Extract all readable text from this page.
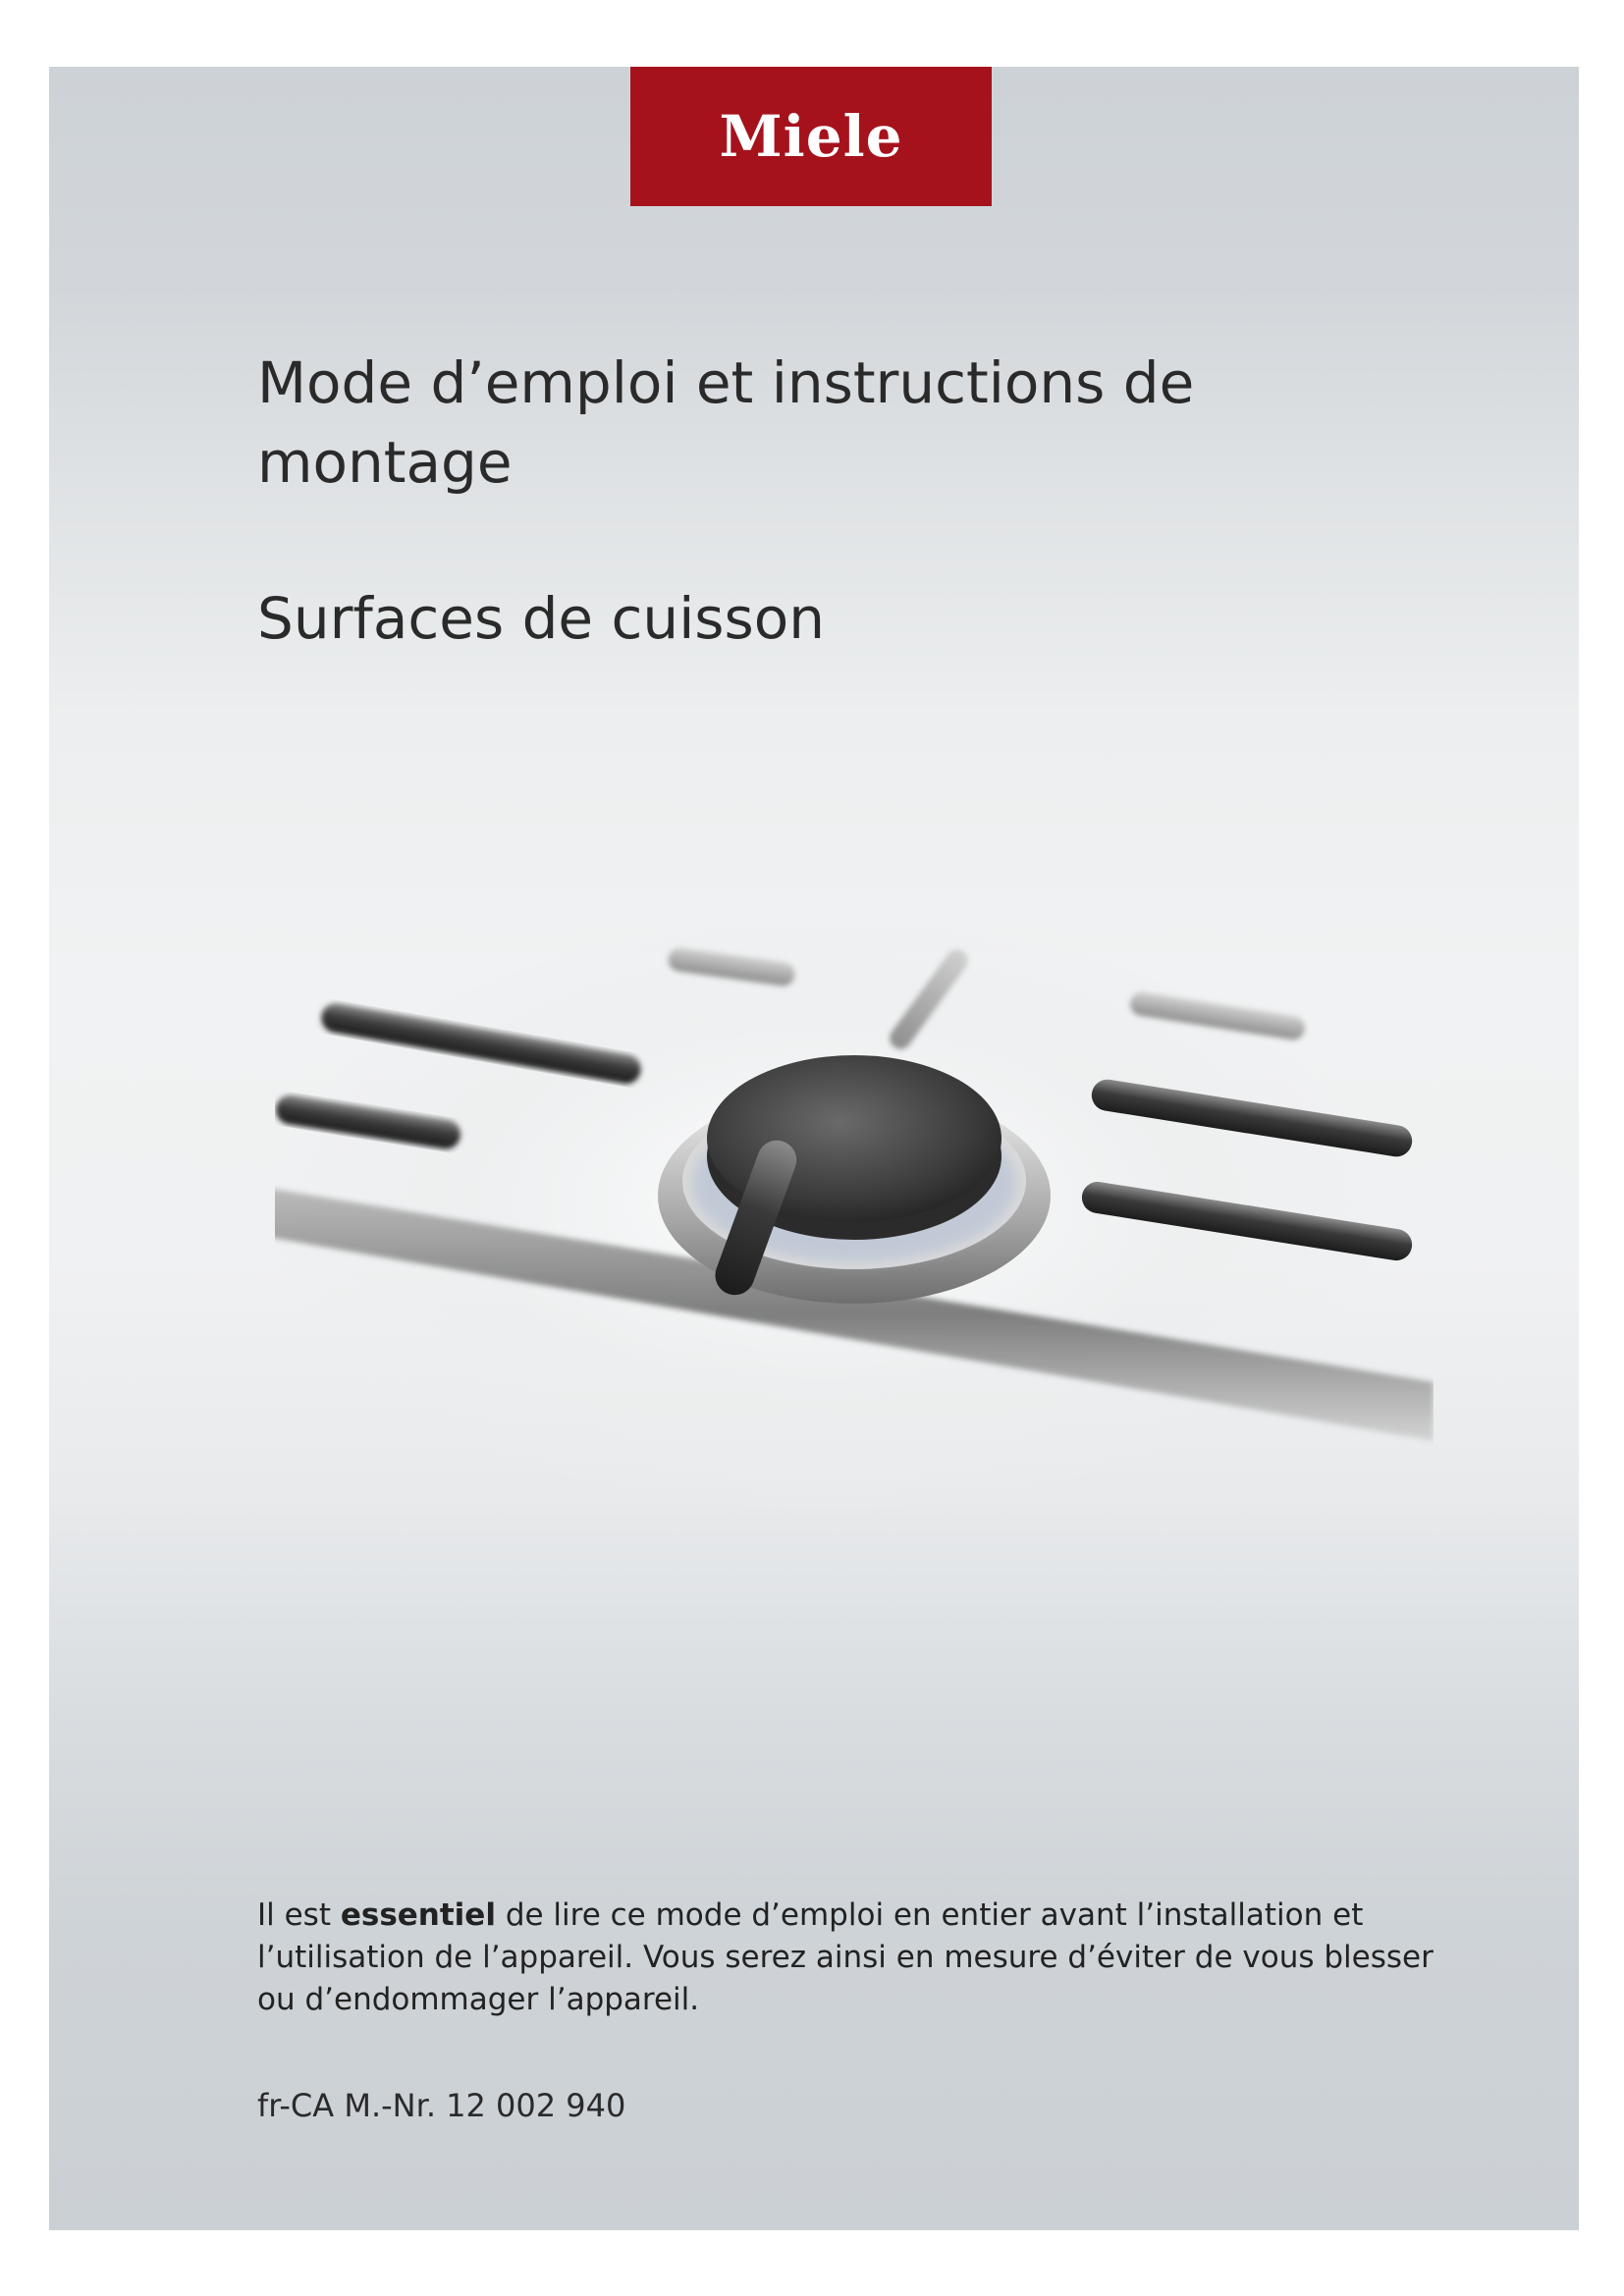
Miele
Mode d’emploi et instructions de
montage
Surfaces de cuisson

Il est essentiel de lire ce mode d’emploi en entier avant l’installation et l’utilisation de l’appareil. Vous serez ainsi en mesure d’éviter de vous blesser ou d’endommager l’appareil.

fr-CA M.-Nr. 12 002 940
